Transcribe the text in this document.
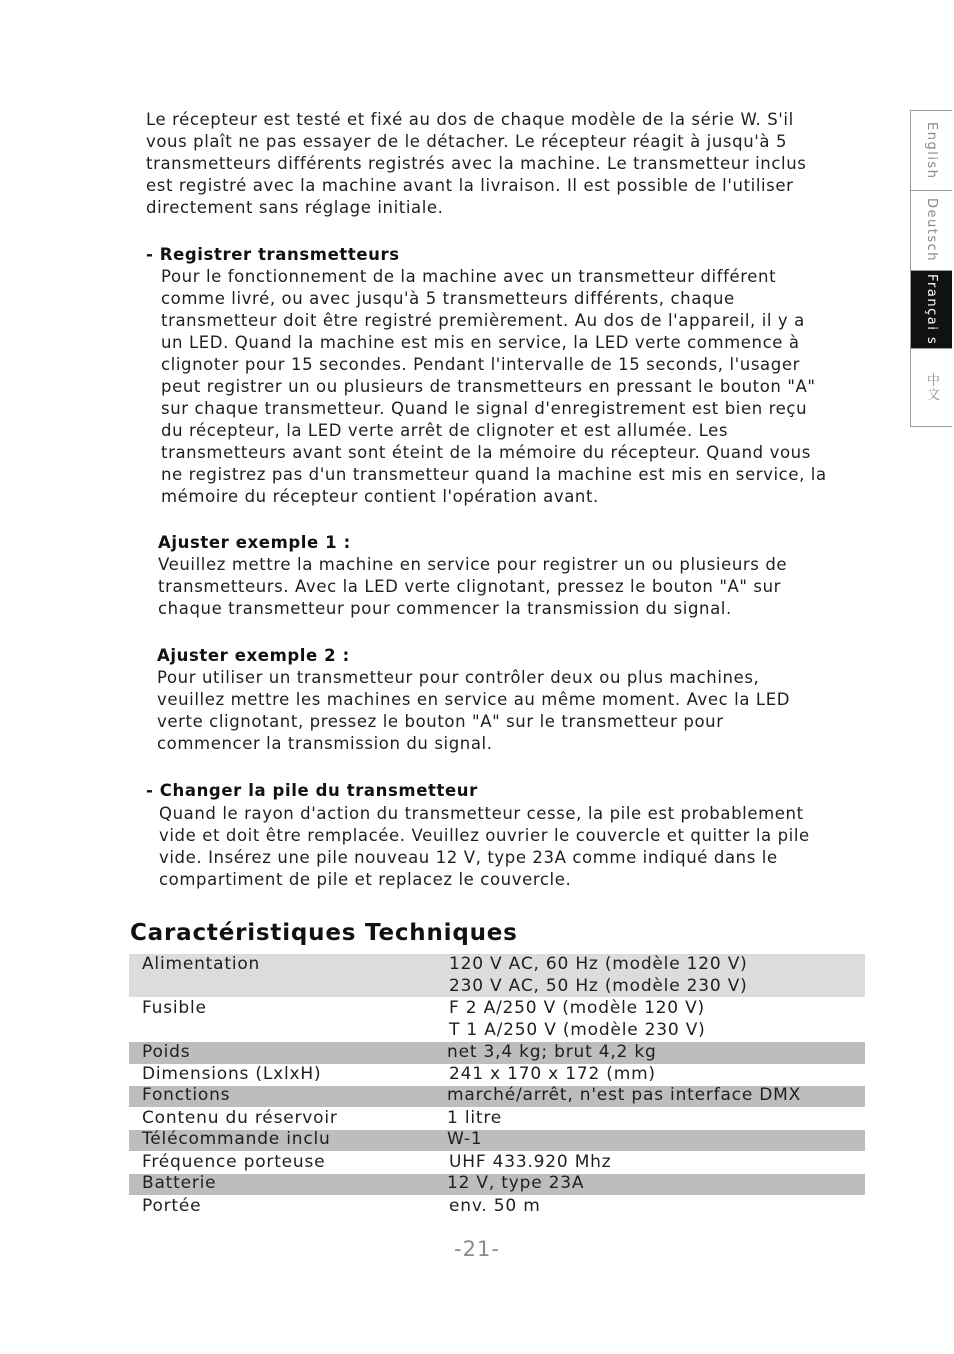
English
Deutsch
Françai s
中文
Le récepteur est testé et fixé au dos de chaque modèle de la série W. S'il
vous plaît ne pas essayer de le détacher. Le récepteur réagit à jusqu'à 5
transmetteurs différents registrés avec la machine. Le transmetteur inclus
est registré avec la machine avant la livraison. Il est possible de l'utiliser
directement sans réglage initiale.
- Registrer transmetteurs
Pour le fonctionnement de la machine avec un transmetteur différent
comme livré, ou avec jusqu'à 5 transmetteurs différents, chaque
transmetteur doit être registré premièrement. Au dos de l'appareil, il y a
un LED. Quand la machine est mis en service, la LED verte commence à
clignoter pour 15 secondes. Pendant l'intervalle de 15 seconds, l'usager
peut registrer un ou plusieurs de transmetteurs en pressant le bouton "A"
sur chaque transmetteur. Quand le signal d'enregistrement est bien reçu
du récepteur, la LED verte arrêt de clignoter et est allumée. Les
transmetteurs avant sont éteint de la mémoire du récepteur. Quand vous
ne registrez pas d'un transmetteur quand la machine est mis en service, la
mémoire du récepteur contient l'opération avant.
Ajuster exemple 1 :
Veuillez mettre la machine en service pour registrer un ou plusieurs de
transmetteurs. Avec la LED verte clignotant, pressez le bouton "A" sur
chaque transmetteur pour commencer la transmission du signal.
Ajuster exemple 2 :
Pour utiliser un transmetteur pour contrôler deux ou plus machines,
veuillez mettre les machines en service au même moment. Avec la LED
verte clignotant, pressez le bouton "A" sur le transmetteur pour
commencer la transmission du signal.
- Changer la pile du transmetteur
Quand le rayon d'action du transmetteur cesse, la pile est probablement
vide et doit être remplacée. Veuillez ouvrier le couvercle et quitter la pile
vide. Insérez une pile nouveau 12 V, type 23A comme indiqué dans le
compartiment de pile et replacez le couvercle.
Caractéristiques Techniques
Alimentation	120 V AC, 60 Hz (modèle 120 V)
230 V AC, 50 Hz (modèle 230 V)
Fusible	F 2 A/250 V (modèle 120 V)
T 1 A/250 V (modèle 230 V)
Poids	net 3,4 kg; brut 4,2 kg
Dimensions (LxlxH)	241 x 170 x 172 (mm)
Fonctions	marché/arrêt, n'est pas interface DMX
Contenu du réservoir	1 litre
Télécommande inclu	W-1
Fréquence porteuse	UHF 433.920 Mhz
Batterie	12 V, type 23A
Portée	env. 50 m
-21-
